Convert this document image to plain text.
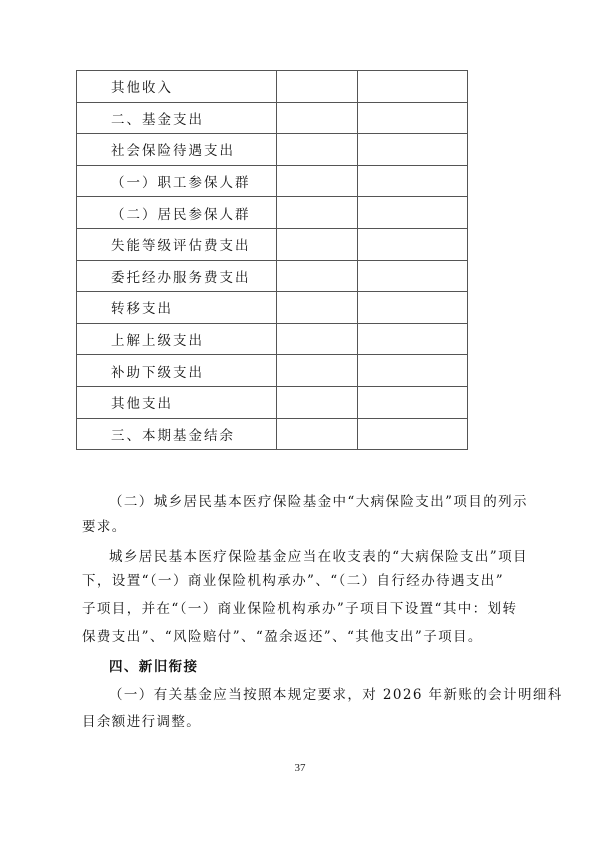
其他收入		
二、基金支出		
社会保险待遇支出		
（一）职工参保人群		
（二）居民参保人群		
失能等级评估费支出		
委托经办服务费支出		
转移支出		
上解上级支出		
补助下级支出		
其他支出		
三、本期基金结余		

（二）城乡居民基本医疗保险基金中“大病保险支出”项目的列示

要求。

城乡居民基本医疗保险基金应当在收支表的“大病保险支出”项目

下，设置“（一）商业保险机构承办”、“（二）自行经办待遇支出”

子项目，并在“（一）商业保险机构承办”子项目下设置“其中：划转

保费支出”、“风险赔付”、“盈余返还”、“其他支出”子项目。

四、新旧衔接

（一）有关基金应当按照本规定要求，对 2026 年新账的会计明细科

目余额进行调整。

37
